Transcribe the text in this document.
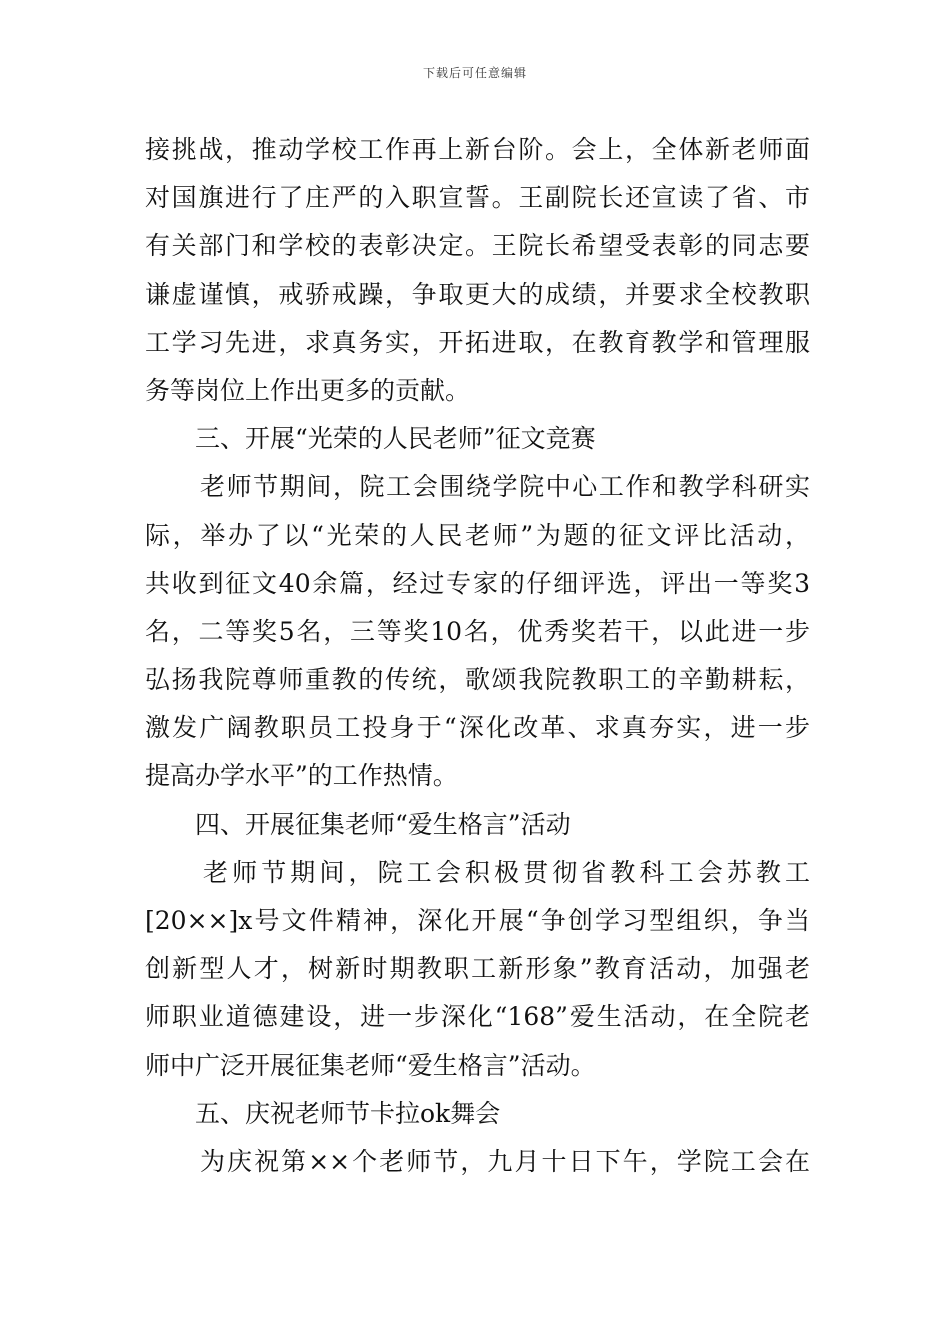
下载后可任意编辑
接挑战，推动学校工作再上新台阶。会上，全体新老师面
对国旗进行了庄严的入职宣誓。王副院长还宣读了省、市
有关部门和学校的表彰决定。王院长希望受表彰的同志要
谦虚谨慎，戒骄戒躁，争取更大的成绩，并要求全校教职
工学习先进，求真务实，开拓进取，在教育教学和管理服
务等岗位上作出更多的贡献。
三、开展“光荣的人民老师”征文竞赛
老师节期间，院工会围绕学院中心工作和教学科研实
际，举办了以“光荣的人民老师”为题的征文评比活动，
共收到征文40余篇，经过专家的仔细评选，评出一等奖3
名，二等奖5名，三等奖10名，优秀奖若干，以此进一步
弘扬我院尊师重教的传统，歌颂我院教职工的辛勤耕耘，
激发广阔教职员工投身于“深化改革、求真夯实，进一步
提高办学水平”的工作热情。
四、开展征集老师“爱生格言”活动
老师节期间，院工会积极贯彻省教科工会苏教工
[20××]x号文件精神，深化开展“争创学习型组织，争当
创新型人才，树新时期教职工新形象”教育活动，加强老
师职业道德建设，进一步深化“168”爱生活动，在全院老
师中广泛开展征集老师“爱生格言”活动。
五、庆祝老师节卡拉ok舞会
为庆祝第××个老师节，九月十日下午，学院工会在
